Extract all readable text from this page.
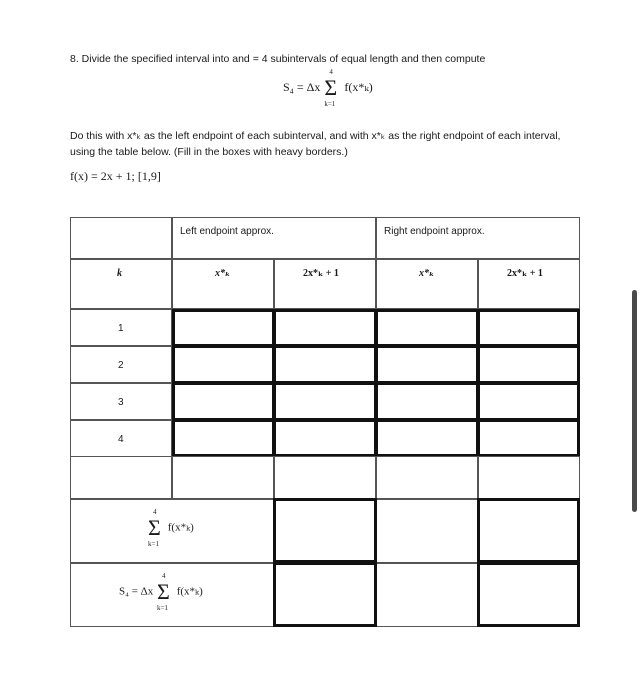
8. Divide the specified interval into and = 4 subintervals of equal length and then compute
S₄ = Δx Σ
4
k=1
f(x*ₖ)
Do this with x*ₖ as the left endpoint of each subinterval, and with x*ₖ as the right endpoint of each interval, using the table below. (Fill in the boxes with heavy borders.)
f(x) = 2x + 1; [1,9]
Left endpoint approx.	Right endpoint approx.
k	x*ₖ	2x*ₖ + 1	x*ₖ	2x*ₖ + 1
1
2
3
4
Σ
4
k=1
f(x*ₖ)
S₄ = Δx Σ
4
k=1
f(x*ₖ)
